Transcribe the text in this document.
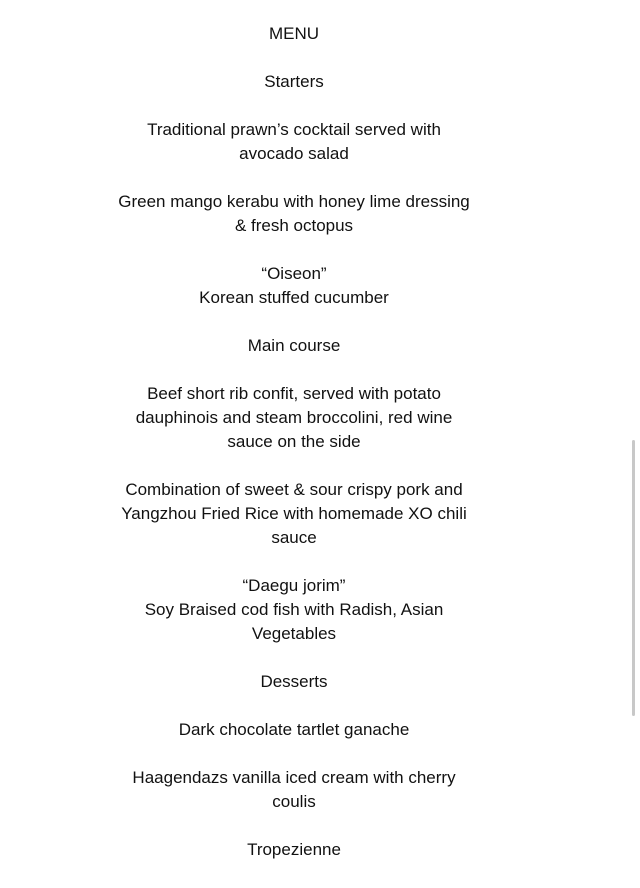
MENU

Starters

Traditional prawn’s cocktail served with
avocado salad

Green mango kerabu with honey lime dressing
& fresh octopus

“Oiseon”
Korean stuffed cucumber

Main course

Beef short rib confit, served with potato
dauphinois and steam broccolini, red wine
sauce on the side

Combination of sweet & sour crispy pork and
Yangzhou Fried Rice with homemade XO chili
sauce

“Daegu jorim”
Soy Braised cod fish with Radish, Asian
Vegetables

Desserts

Dark chocolate tartlet ganache

Haagendazs vanilla iced cream with cherry
coulis

Tropezienne
